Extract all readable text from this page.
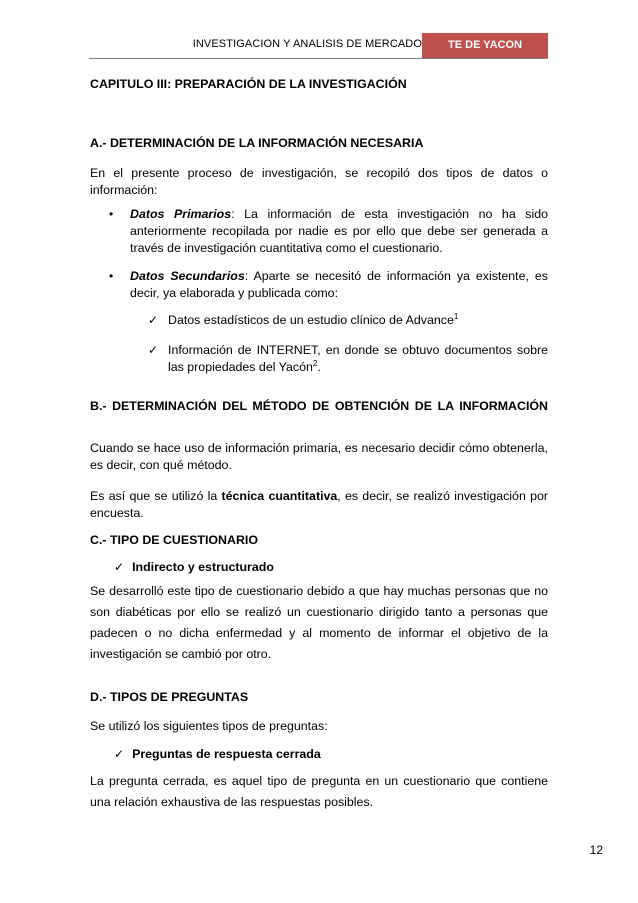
INVESTIGACION Y ANALISIS DE MERCADO	TE DE YACON

CAPITULO III: PREPARACIÓN DE LA INVESTIGACIÓN

A.- DETERMINACIÓN DE LA INFORMACIÓN NECESARIA

En el presente proceso de investigación, se recopiló dos tipos de datos o información:

• Datos Primarios: La información de esta investigación no ha sido anteriormente recopilada por nadie es por ello que debe ser generada a través de investigación cuantitativa como el cuestionario.
• Datos Secundarios: Aparte se necesitó de información ya existente, es decir, ya elaborada y publicada como:
✓ Datos estadísticos de un estudio clínico de Advance$^1$
✓ Información de INTERNET, en donde se obtuvo documentos sobre las propiedades del Yacón$^2$.

B.- DETERMINACIÓN DEL MÉTODO DE OBTENCIÓN DE LA INFORMACIÓN

Cuando se hace uso de información primaria, es necesario decidir cómo obtenerla, es decir, con qué método.

Es así que se utilizó la técnica cuantitativa, es decir, se realizó investigación por encuesta.

C.- TIPO DE CUESTIONARIO

✓ Indirecto y estructurado

Se desarrolló este tipo de cuestionario debido a que hay muchas personas que no son diabéticas por ello se realizó un cuestionario dirigido tanto a personas que padecen o no dicha enfermedad y al momento de informar el objetivo de la investigación se cambió por otro.

D.- TIPOS DE PREGUNTAS

Se utilizó los siguientes tipos de preguntas:

✓ Preguntas de respuesta cerrada

La pregunta cerrada, es aquel tipo de pregunta en un cuestionario que contiene una relación exhaustiva de las respuestas posibles.

12
